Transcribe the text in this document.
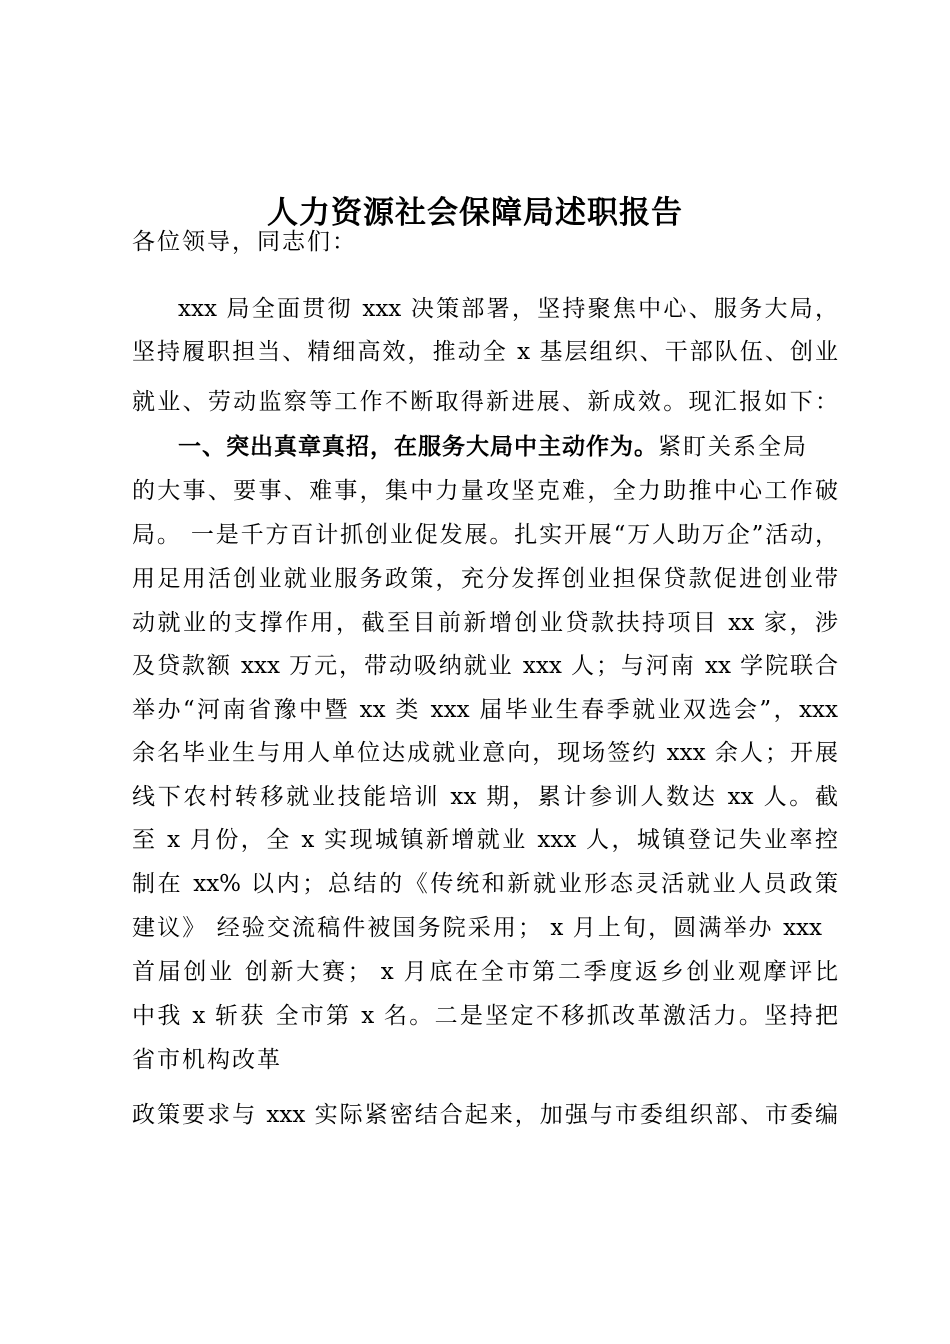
人力资源社会保障局述职报告
各位领导，同志们：
xxx 局全面贯彻 xxx 决策部署，坚持聚焦中心、服务大局，
坚持履职担当、精细高效，推动全 x 基层组织、干部队伍、创业
就业、劳动监察等工作不断取得新进展、新成效。现汇报如下：
一、突出真章真招，在服务大局中主动作为。紧盯关系全局
的大事、要事、难事，集中力量攻坚克难，全力助推中心工作破
局。 一是千方百计抓创业促发展。扎实开展“万人助万企”活动，
用足用活创业就业服务政策，充分发挥创业担保贷款促进创业带
动就业的支撑作用，截至目前新增创业贷款扶持项目 xx 家，涉
及贷款额 xxx 万元，带动吸纳就业 xxx 人；与河南 xx 学院联合
举办“河南省豫中暨 xx 类 xxx 届毕业生春季就业双选会”，xxx
余名毕业生与用人单位达成就业意向，现场签约 xxx 余人；开展
线下农村转移就业技能培训 xx 期，累计参训人数达 xx 人。截
至 x 月份，全 x 实现城镇新增就业 xxx 人，城镇登记失业率控
制在 xx% 以内；总结的《传统和新就业形态灵活就业人员政策
建议》 经验交流稿件被国务院采用； x 月上旬，圆满举办 xxx
首届创业 创新大赛； x 月底在全市第二季度返乡创业观摩评比
中我 x 斩获 全市第 x 名。二是坚定不移抓改革激活力。坚持把
省市机构改革
政策要求与 xxx 实际紧密结合起来，加强与市委组织部、市委编
